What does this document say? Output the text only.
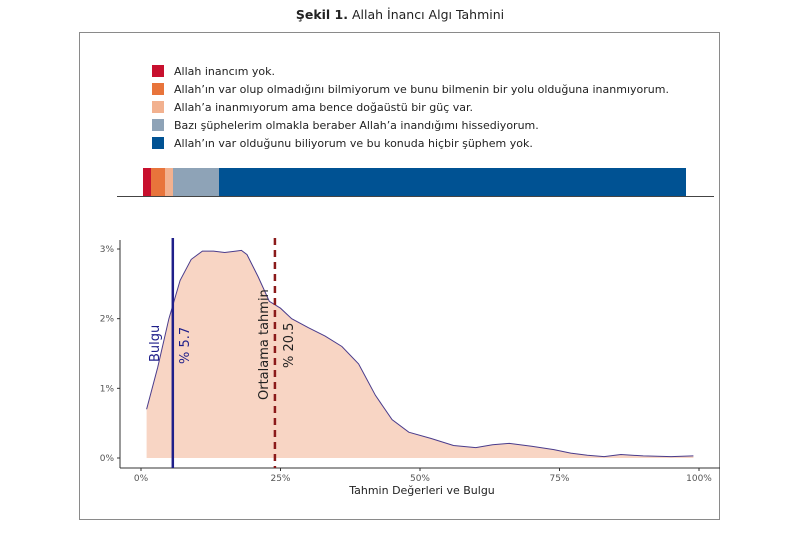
Şekil 1. Allah İnancı Algı Tahmini
Allah inancım yok.
Allah’ın var olup olmadığını bilmiyorum ve bunu bilmenin bir yolu olduğuna inanmıyorum.
Allah’a inanmıyorum ama bence doğaüstü bir güç var.
Bazı şüphelerim olmakla beraber Allah’a inandığımı hissediyorum.
Allah’ın var olduğunu biliyorum ve bu konuda hiçbir şüphem yok.
0%
1%
2%
3%
0%	25%	50%	75%	100%
Bulgu % 5.7	Ortalama tahmin % 20.5
Tahmin Değerleri ve Bulgu
